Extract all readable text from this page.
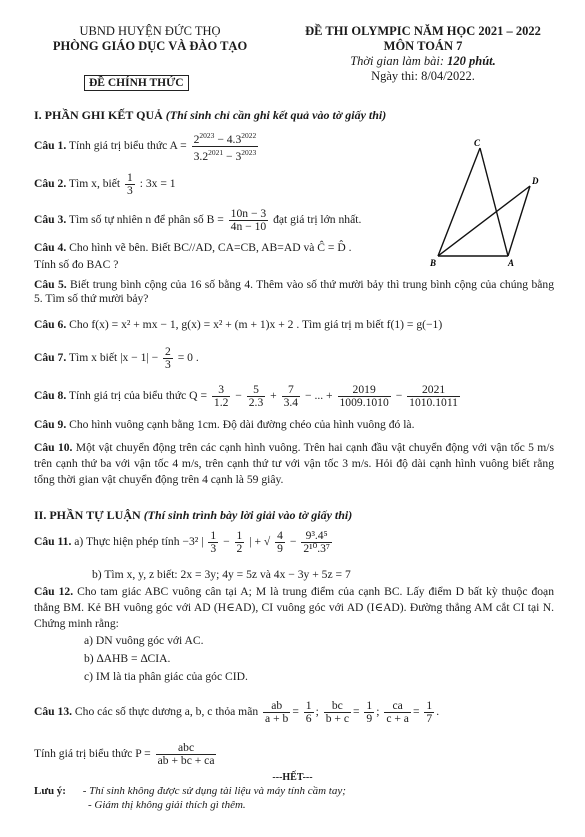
UBND HUYỆN ĐỨC THỌ
PHÒNG GIÁO DỤC VÀ ĐÀO TẠO
ĐỀ CHÍNH THỨC
ĐỀ THI OLYMPIC NĂM HỌC 2021 – 2022
MÔN TOÁN 7
Thời gian làm bài: 120 phút.
Ngày thi: 8/04/2022.
I. PHẦN GHI KẾT QUẢ (Thí sinh chỉ cần ghi kết quả vào tờ giấy thi)
Câu 1. Tính giá trị biểu thức $A = \frac{2^{2023} - 4.3^{2022}}{3.2^{2021} - 3^{2023}}$
Câu 2. Tìm x, biết $\frac{1}{3}$ : 3x = 1
Câu 3. Tìm số tự nhiên n để phân số $B = \frac{10n - 3}{4n - 10}$ đạt giá trị lớn nhất.
Câu 4. Cho hình vẽ bên. Biết BC//AD, CA=CB, AB=AD và Ĉ = D̂ .
Tính số đo BAC ?
C
D
B	A
Câu 5. Biết trung bình cộng của 16 số bằng 4. Thêm vào số thứ mười bảy thì trung bình cộng của chúng bằng 5. Tìm số thứ mười bảy?
Câu 6. Cho f(x) = x² + mx − 1, g(x) = x² + (m + 1)x + 2 . Tìm giá trị m biết f(1) = g(−1)
Câu 7. Tìm x biết $|x - 1| - \frac{2}{3} = 0$ .
Câu 8. Tính giá trị của biểu thức $Q = \frac{3}{1.2} - \frac{5}{2.3} + \frac{7}{3.4}$ − ... + $\frac{2019}{1009.1010} - \frac{2021}{1010.1011}$
Câu 9. Cho hình vuông cạnh bằng 1cm. Độ dài đường chéo của hình vuông đó là.
Câu 10. Một vật chuyển động trên các cạnh hình vuông. Trên hai cạnh đầu vật chuyển động với vận tốc 5 m/s trên cạnh thứ ba với vận tốc 4 m/s, trên cạnh thứ tư với vận tốc 3 m/s. Hỏi độ dài cạnh hình vuông biết rằng tổng thời gian vật chuyển động trên 4 cạnh là 59 giây.
II. PHẦN TỰ LUẬN (Thí sinh trình bày lời giải vào tờ giấy thi)
Câu 11. a) Thực hiện phép tính −3² | $\frac{1}{3} - \frac{1}{2}$ | + √ $\frac{4}{9} - \frac{\text{9³.4⁵}}{\text{2¹⁰.3⁷}}$
b) Tìm x, y, z biết: 2x = 3y; 4y = 5z và 4x − 3y + 5z = 7
Câu 12. Cho tam giác ABC vuông cân tại A; M là trung điểm của cạnh BC. Lấy điểm D bất kỳ thuộc đoạn thẳng BM. Kẻ BH vuông góc với AD (H∈AD), CI vuông góc với AD (I∈AD). Đường thẳng AM cắt CI tại N. Chứng minh rằng:
a) DN vuông góc với AC.
b) ∆AHB = ∆CIA.
c) IM là tia phân giác của góc CID.
Câu 13. Cho các số thực dương a, b, c thỏa mãn $\frac{ab}{a + b} = \frac{1}{6}$ ; $\frac{bc}{b + c} = \frac{1}{9}$ ; $\frac{ca}{c + a} = \frac{1}{7}$ .
Tính giá trị biểu thức $P = \frac{\text{abc}}{ab + bc + ca}$
---HẾT---
Lưu ý: - Thí sinh không được sử dụng tài liệu và máy tính cầm tay;
- Giám thị không giải thích gì thêm.
